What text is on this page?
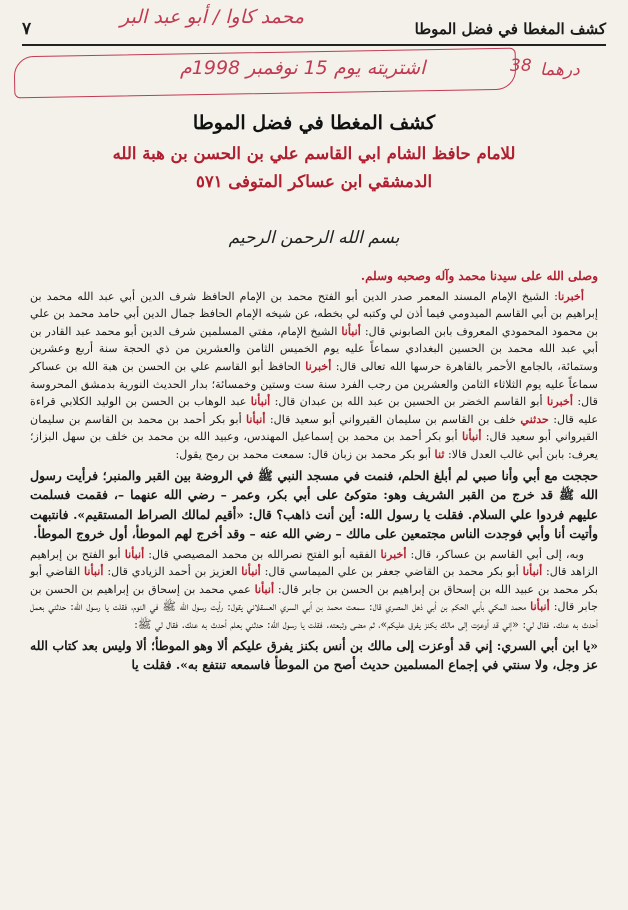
كشف المغطا في فضل الموطا
٧
محمد كاوا / أبو عبد البر
اشتريته يوم 15 نوفمبر 1998م	38 درهما
كشف المغطا في فضل الموطا
للامام حافظ الشام ابي القاسم علي بن الحسن بن هبة الله
الدمشقي ابن عساكر المتوفى ٥٧١
بسم الله الرحمن الرحيم

وصلى الله على سيدنا محمد وآله وصحبه وسلم.

أخبرنا: الشيخ الإمام المسند المعمر صدر الدين أبو الفتح محمد بن الإمام الحافظ شرف الدين أبي عبد الله محمد بن إبراهيم بن أبي القاسم الميدومي فيما أذن لي وكتبه لي بخطه، عن شيخه الإمام الحافظ جمال الدين أبي حامد محمد بن علي بن محمود المحمودي المعروف بابن الصابوني قال: أنبأنا الشيخ الإمام، مفتي المسلمين شرف الدين أبو محمد عبد القادر بن أبي عبد الله محمد بن الحسين البغدادي سماعاً عليه يوم الخميس الثامن والعشرين من ذي الحجة سنة أربع وعشرين وستمائة، بالجامع الأحمر بالقاهرة حرسها الله تعالى قال: أخبرنا الحافظ أبو القاسم علي بن الحسن بن هبة الله بن عساكر سماعاً عليه يوم الثلاثاء الثامن والعشرين من رجب الفرد سنة ست وستين وخمسائة؛ بدار الحديث النورية بدمشق المحروسة قال: أخبرنا أبو القاسم الخضر بن الحسين بن عبد الله بن عبدان قال: أنبأنا عبد الوهاب بن الحسن بن الوليد الكلابي قراءة عليه قال: حدثني خلف بن القاسم بن سليمان القيرواني أبو سعيد قال: أنبأنا أبو بكر أحمد بن محمد بن القاسم بن سليمان القيرواني أبو سعيد قال: أنبأنا أبو بكر أحمد بن محمد بن إسماعيل المهندس، وعبيد الله بن محمد بن خلف بن سهل البزاز؛ يعرف: بابن أبي غالب العدل قالا: ثنا أبو بكر محمد بن زبان قال: سمعت محمد بن رمح يقول:

حججت مع أبي وأنا صبي لم أبلغ الحلم، فنمت في مسجد النبي ﷺ في الروضة بين القبر والمنبر؛ فرأيت رسول الله ﷺ قد خرج من القبر الشريف وهو: متوكئ على أبي بكر، وعمر – رضي الله عنهما –، فقمت فسلمت عليهم فردوا علي السلام. فقلت يا رسول الله: أين أنت ذاهب؟ قال: «أقيم لمالك الصراط المستقيم». فانتبهت وأتيت أنا وأبي فوجدت الناس مجتمعين على مالك – رضي الله عنه – وقد أخرج لهم الموطأ، أول خروج الموطأ.

وبه، إلى أبي القاسم بن عساكر، قال: أخبرنا الفقيه أبو الفتح نصرالله بن محمد المصيصي قال: أنبأنا أبو الفتح بن إبراهيم الزاهد قال: أنبأنا أبو بكر محمد بن القاضي جعفر بن علي الميماسي قال: أنبأنا العزيز بن أحمد الزيادي قال: أنبأنا القاضي أبو بكر محمد بن عبيد الله بن إسحاق بن إبراهيم بن الحسن بن جابر قال: أنبأنا عمي محمد بن إسحاق بن إبراهيم بن الحسن بن جابر قال: أنبأنا محمد المكي بأبي الحكم بن أبي ذهل المصري قال: سمعت محمد بن أبي السري العسقلاني يقول: رأيت رسول الله ﷺ في النوم، فقلت يا رسول الله: حدثني بعمل أحدث به عنك. فقال لي: «إني قد أوعزت إلى مالك بكنز يفرق عليكم»، ثم مضى وتبعته. فقلت يا رسول الله: حدثني بعلم أحدث به عنك. فقال لي ﷺ:

«يا ابن أبي السري: إني قد أوعزت إلى مالك بن أنس بكنز يفرق عليكم ألا وهو الموطأ؛ ألا وليس بعد كتاب الله عز وجل، ولا سنتي في إجماع المسلمين حديث أصح من الموطأ فاسمعه تنتفع به». فقلت يا
